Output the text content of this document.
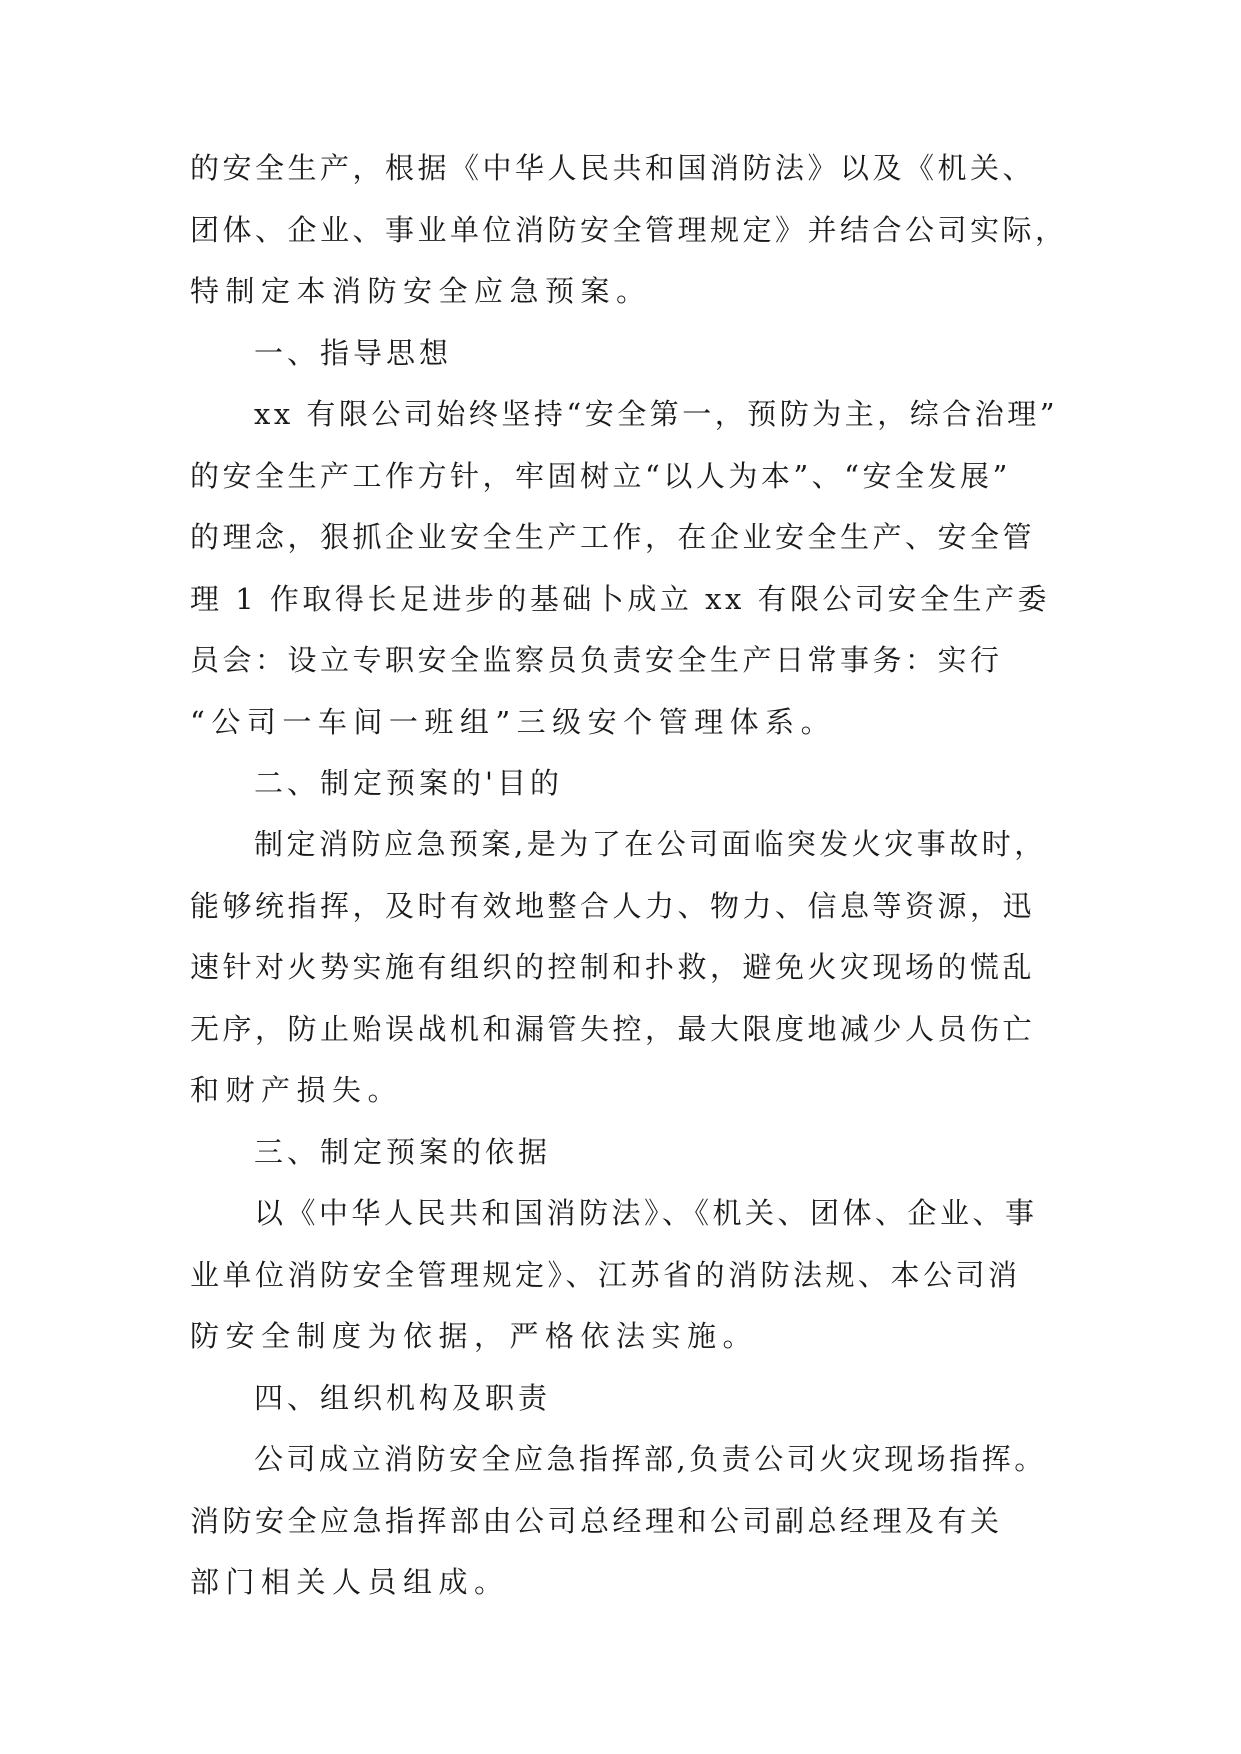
的安全生产，根据《中华人民共和国消防法》以及《机关、

团体、企业、事业单位消防安全管理规定》并结合公司实际，

特制定本消防安全应急预案。

一、指导思想

xx 有限公司始终坚持“安全第一，预防为主，综合治理”

的安全生产工作方针，牢固树立“以人为本”、“安全发展”

的理念，狠抓企业安全生产工作，在企业安全生产、安全管

理 1 作取得长足进步的基础卜成立 xx 有限公司安全生产委

员会：设立专职安全监察员负责安全生产日常事务：实行

“公司一车间一班组”三级安个管理体系。

二、制定预案的'目的

制定消防应急预案,是为了在公司面临突发火灾事故时，

能够统指挥，及时有效地整合人力、物力、信息等资源，迅

速针对火势实施有组织的控制和扑救，避免火灾现场的慌乱

无序，防止贻误战机和漏管失控，最大限度地减少人员伤亡

和财产损失。

三、制定预案的依据

以《中华人民共和国消防法》、《机关、团体、企业、事

业单位消防安全管理规定》、江苏省的消防法规、本公司消

防安全制度为依据，严格依法实施。

四、组织机构及职责

公司成立消防安全应急指挥部,负责公司火灾现场指挥。

消防安全应急指挥部由公司总经理和公司副总经理及有关

部门相关人员组成。
